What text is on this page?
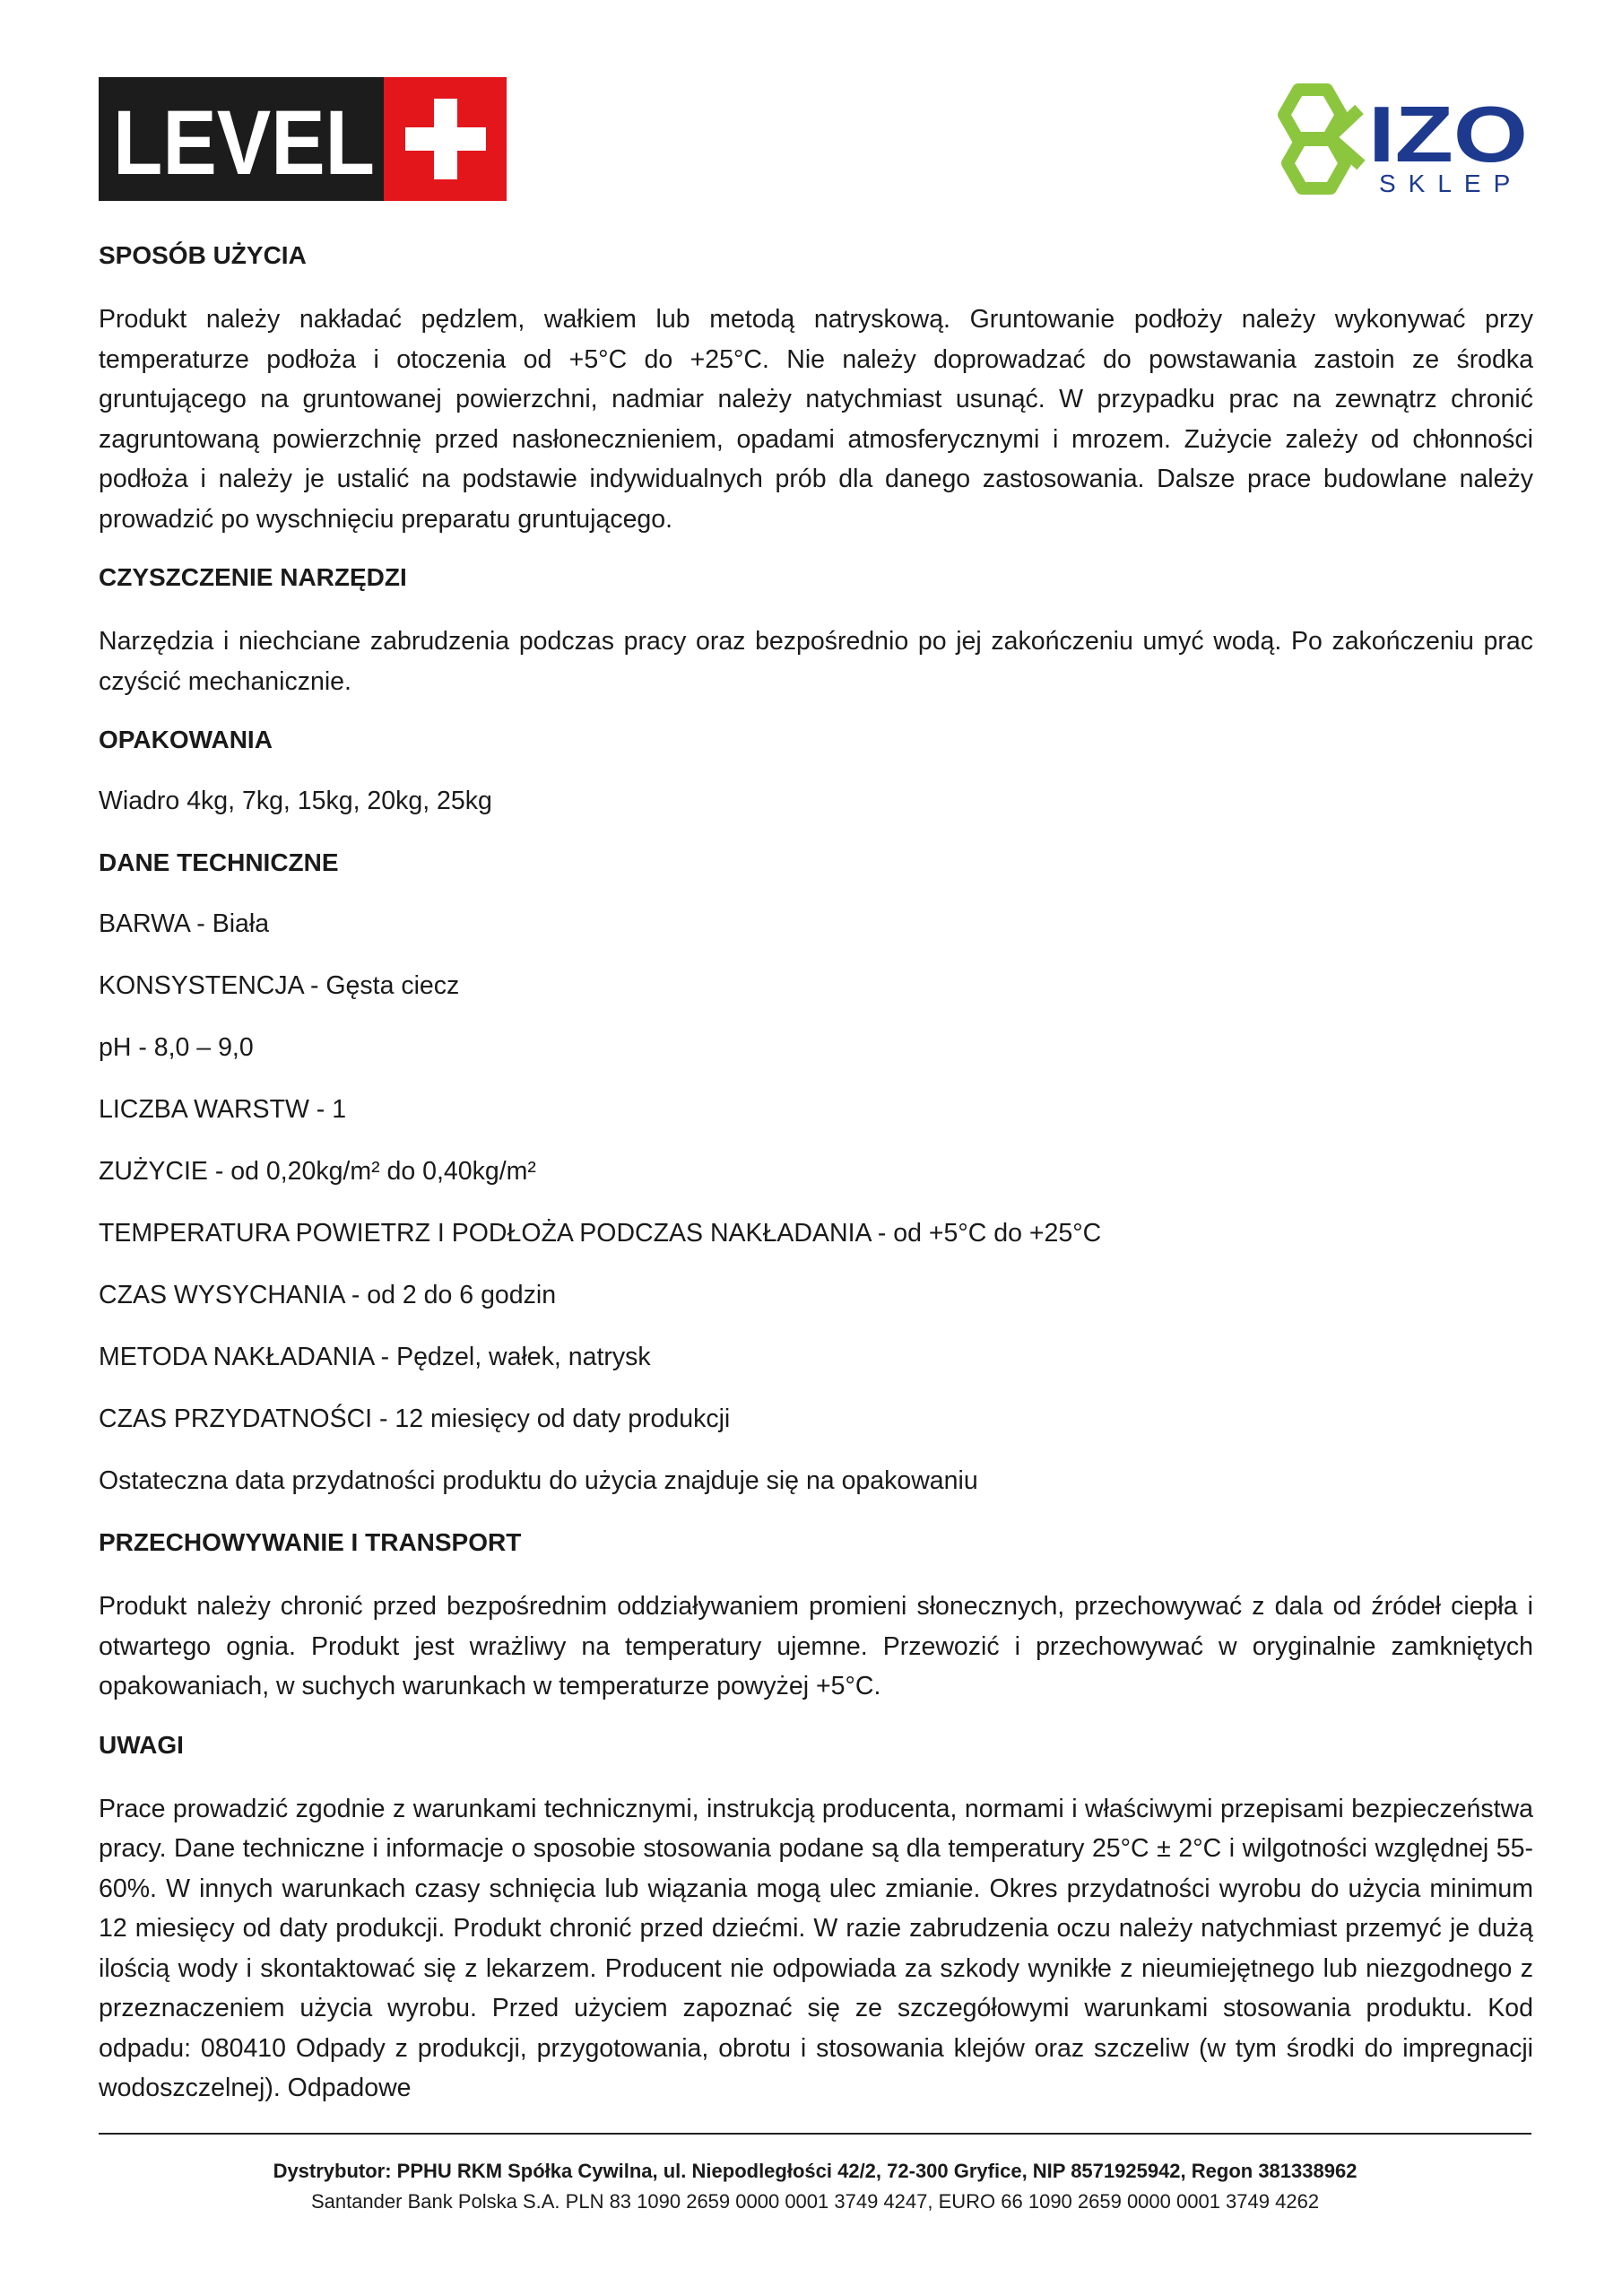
LEVEL	IZO
SKLEP
SPOSÓB UŻYCIA
Produkt należy nakładać pędzlem, wałkiem lub metodą natryskową. Gruntowanie podłoży należy wykonywać przy temperaturze podłoża i otoczenia od +5°C do +25°C. Nie należy doprowadzać do powstawania zastoin ze środka gruntującego na gruntowanej powierzchni, nadmiar należy natychmiast usunąć. W przypadku prac na zewnątrz chronić zagruntowaną powierzchnię przed nasłonecznieniem, opadami atmosferycznymi i mrozem. Zużycie zależy od chłonności podłoża i należy je ustalić na podstawie indywidualnych prób dla danego zastosowania. Dalsze prace budowlane należy prowadzić po wyschnięciu preparatu gruntującego.
CZYSZCZENIE NARZĘDZI
Narzędzia i niechciane zabrudzenia podczas pracy oraz bezpośrednio po jej zakończeniu umyć wodą. Po zakończeniu prac czyścić mechanicznie.
OPAKOWANIA
Wiadro 4kg, 7kg, 15kg, 20kg, 25kg
DANE TECHNICZNE
BARWA - Biała
KONSYSTENCJA - Gęsta ciecz
pH - 8,0 – 9,0
LICZBA WARSTW - 1
ZUŻYCIE - od 0,20kg/m² do 0,40kg/m²
TEMPERATURA POWIETRZ I PODŁOŻA PODCZAS NAKŁADANIA - od +5°C do +25°C
CZAS WYSYCHANIA - od 2 do 6 godzin
METODA NAKŁADANIA - Pędzel, wałek, natrysk
CZAS PRZYDATNOŚCI - 12 miesięcy od daty produkcji
Ostateczna data przydatności produktu do użycia znajduje się na opakowaniu
PRZECHOWYWANIE I TRANSPORT
Produkt należy chronić przed bezpośrednim oddziaływaniem promieni słonecznych, przechowywać z dala od źródeł ciepła i otwartego ognia. Produkt jest wrażliwy na temperatury ujemne. Przewozić i przechowywać w oryginalnie zamkniętych opakowaniach, w suchych warunkach w temperaturze powyżej +5°C.
UWAGI
Prace prowadzić zgodnie z warunkami technicznymi, instrukcją producenta, normami i właściwymi przepisami bezpieczeństwa pracy. Dane techniczne i informacje o sposobie stosowania podane są dla temperatury 25°C ± 2°C i wilgotności względnej 55-60%. W innych warunkach czasy schnięcia lub wiązania mogą ulec zmianie. Okres przydatności wyrobu do użycia minimum 12 miesięcy od daty produkcji. Produkt chronić przed dziećmi. W razie zabrudzenia oczu należy natychmiast przemyć je dużą ilością wody i skontaktować się z lekarzem. Producent nie odpowiada za szkody wynikłe z nieumiejętnego lub niezgodnego z przeznaczeniem użycia wyrobu. Przed użyciem zapoznać się ze szczegółowymi warunkami stosowania produktu. Kod odpadu: 080410 Odpady z produkcji, przygotowania, obrotu i stosowania klejów oraz szczeliw (w tym środki do impregnacji wodoszczelnej). Odpadowe
Dystrybutor: PPHU RKM Spółka Cywilna, ul. Niepodległości 42/2, 72-300 Gryfice, NIP 8571925942, Regon 381338962
Santander Bank Polska S.A. PLN 83 1090 2659 0000 0001 3749 4247, EURO 66 1090 2659 0000 0001 3749 4262
